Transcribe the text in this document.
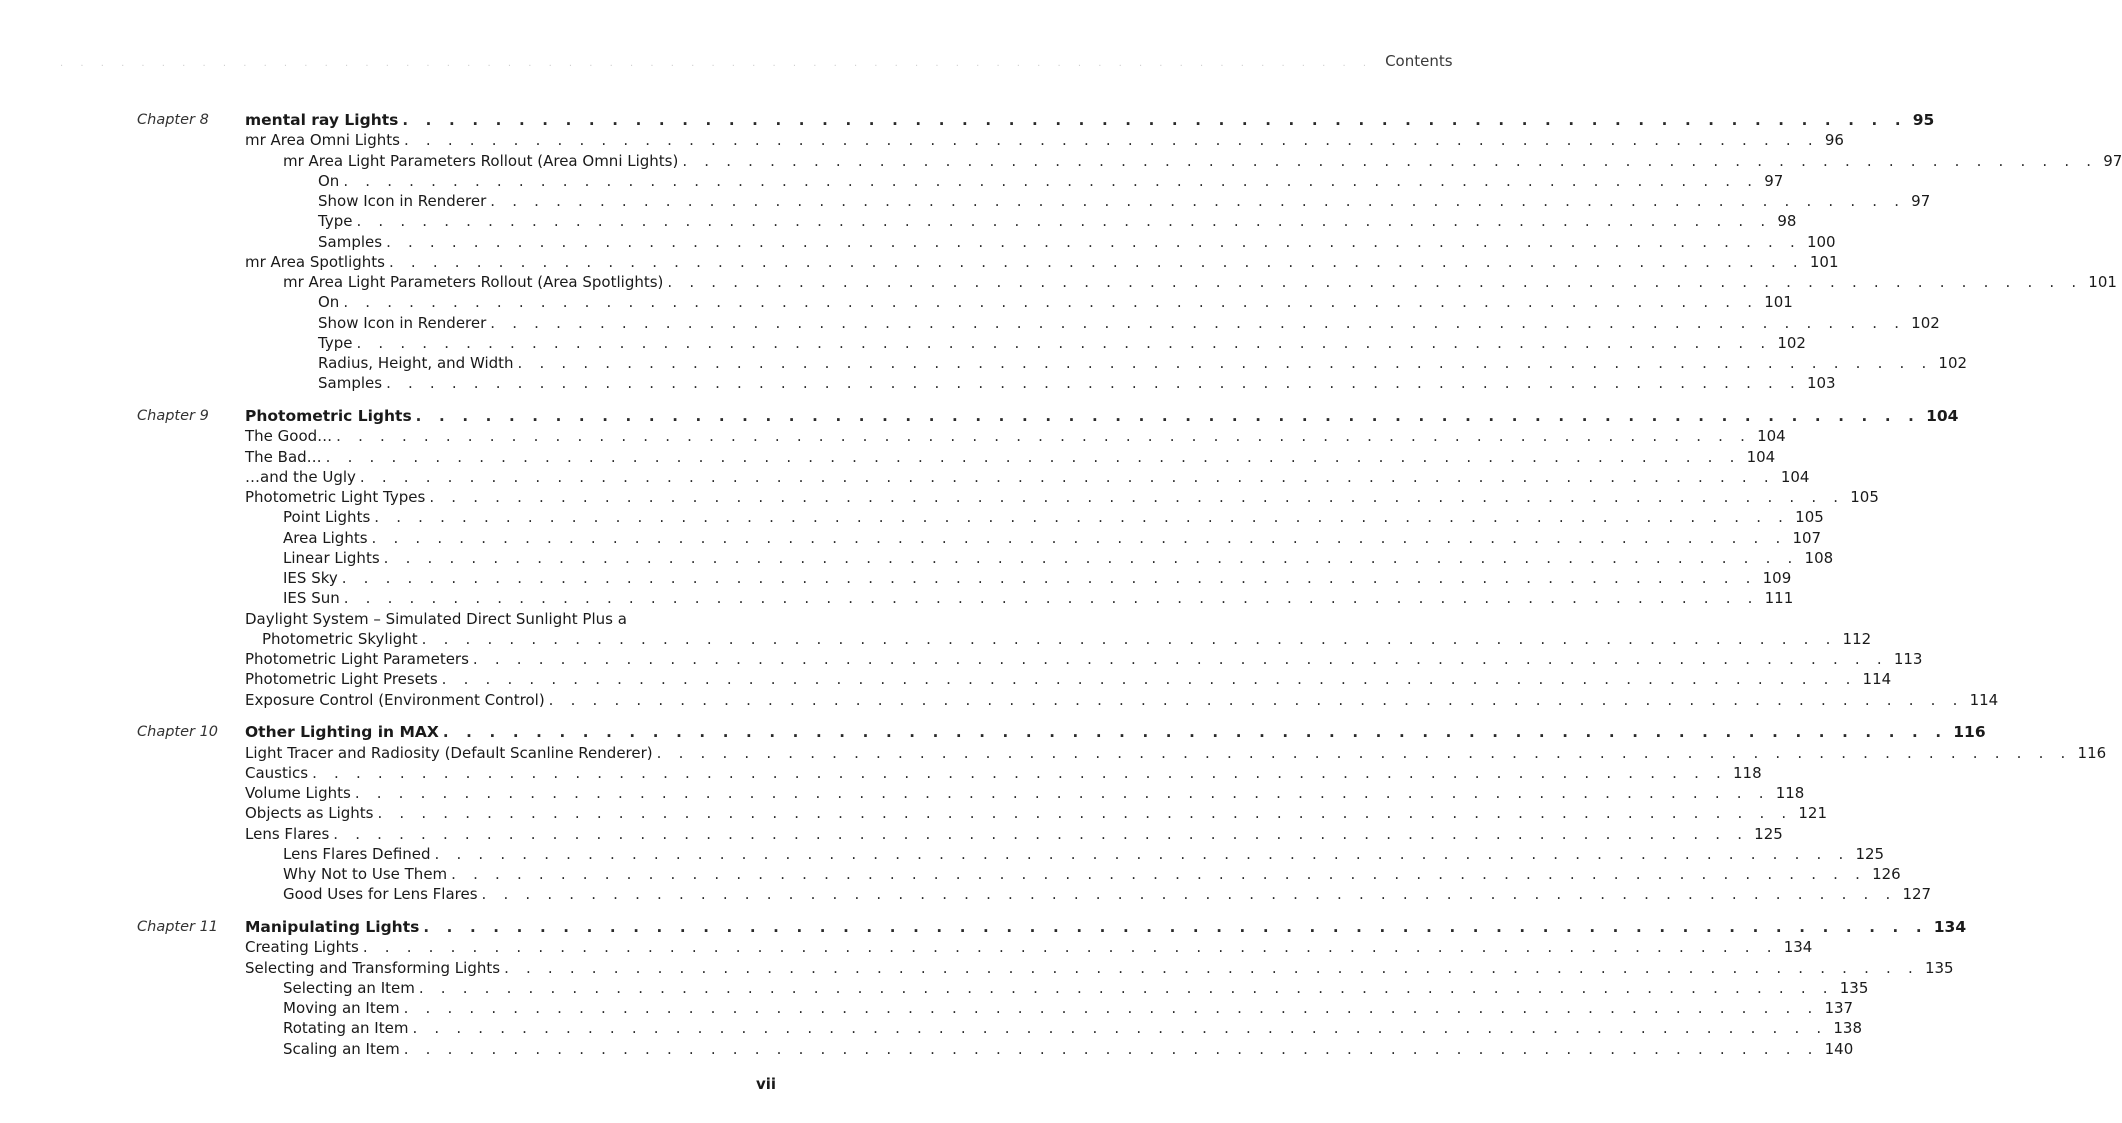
. . . . . . . . . . . . . . . . . . . . . . . . . . . . . . . . . . . . . . . . . . . . . . . . . . . . . . . . . . . . . . . . . Contents
Chapter 8 mental ray Lights . . . . . . . . . . . . . . . . . . . . . . . . . . . . . . . . . . . . . . . . . . . . . . . . . . . . . . . . . . . . . . . . . 95
mr Area Omni Lights . . . . . . . . . . . . . . . . . . . . . . . . . . . . . . . . . . . . . . . . . . . . . . . . . . . . . . . . . . . . . . . . . 96
mr Area Light Parameters Rollout (Area Omni Lights) . . . . . . . . . . . . . . . . . . . . . . . . . . . . . . . . . . . . . . . . . . . . . . . . . . . . . . . . . . . . . . . . . 97
On . . . . . . . . . . . . . . . . . . . . . . . . . . . . . . . . . . . . . . . . . . . . . . . . . . . . . . . . . . . . . . . . . 97
Show Icon in Renderer . . . . . . . . . . . . . . . . . . . . . . . . . . . . . . . . . . . . . . . . . . . . . . . . . . . . . . . . . . . . . . . . . 97
Type . . . . . . . . . . . . . . . . . . . . . . . . . . . . . . . . . . . . . . . . . . . . . . . . . . . . . . . . . . . . . . . . . 98
Samples . . . . . . . . . . . . . . . . . . . . . . . . . . . . . . . . . . . . . . . . . . . . . . . . . . . . . . . . . . . . . . . . . 100
mr Area Spotlights . . . . . . . . . . . . . . . . . . . . . . . . . . . . . . . . . . . . . . . . . . . . . . . . . . . . . . . . . . . . . . . . . 101
mr Area Light Parameters Rollout (Area Spotlights) . . . . . . . . . . . . . . . . . . . . . . . . . . . . . . . . . . . . . . . . . . . . . . . . . . . . . . . . . . . . . . . . . 101
On . . . . . . . . . . . . . . . . . . . . . . . . . . . . . . . . . . . . . . . . . . . . . . . . . . . . . . . . . . . . . . . . . 101
Show Icon in Renderer . . . . . . . . . . . . . . . . . . . . . . . . . . . . . . . . . . . . . . . . . . . . . . . . . . . . . . . . . . . . . . . . . 102
Type . . . . . . . . . . . . . . . . . . . . . . . . . . . . . . . . . . . . . . . . . . . . . . . . . . . . . . . . . . . . . . . . . 102
Radius, Height, and Width . . . . . . . . . . . . . . . . . . . . . . . . . . . . . . . . . . . . . . . . . . . . . . . . . . . . . . . . . . . . . . . . . 102
Samples . . . . . . . . . . . . . . . . . . . . . . . . . . . . . . . . . . . . . . . . . . . . . . . . . . . . . . . . . . . . . . . . . 103
Chapter 9 Photometric Lights . . . . . . . . . . . . . . . . . . . . . . . . . . . . . . . . . . . . . . . . . . . . . . . . . . . . . . . . . . . . . . . . . 104
The Good… . . . . . . . . . . . . . . . . . . . . . . . . . . . . . . . . . . . . . . . . . . . . . . . . . . . . . . . . . . . . . . . . . 104
The Bad… . . . . . . . . . . . . . . . . . . . . . . . . . . . . . . . . . . . . . . . . . . . . . . . . . . . . . . . . . . . . . . . . . 104
…and the Ugly . . . . . . . . . . . . . . . . . . . . . . . . . . . . . . . . . . . . . . . . . . . . . . . . . . . . . . . . . . . . . . . . . 104
Photometric Light Types . . . . . . . . . . . . . . . . . . . . . . . . . . . . . . . . . . . . . . . . . . . . . . . . . . . . . . . . . . . . . . . . . 105
Point Lights . . . . . . . . . . . . . . . . . . . . . . . . . . . . . . . . . . . . . . . . . . . . . . . . . . . . . . . . . . . . . . . . . 105
Area Lights . . . . . . . . . . . . . . . . . . . . . . . . . . . . . . . . . . . . . . . . . . . . . . . . . . . . . . . . . . . . . . . . . 107
Linear Lights . . . . . . . . . . . . . . . . . . . . . . . . . . . . . . . . . . . . . . . . . . . . . . . . . . . . . . . . . . . . . . . . . 108
IES Sky . . . . . . . . . . . . . . . . . . . . . . . . . . . . . . . . . . . . . . . . . . . . . . . . . . . . . . . . . . . . . . . . . 109
IES Sun . . . . . . . . . . . . . . . . . . . . . . . . . . . . . . . . . . . . . . . . . . . . . . . . . . . . . . . . . . . . . . . . . 111
Daylight System – Simulated Direct Sunlight Plus a
Photometric Skylight . . . . . . . . . . . . . . . . . . . . . . . . . . . . . . . . . . . . . . . . . . . . . . . . . . . . . . . . . . . . . . . . . 112
Photometric Light Parameters . . . . . . . . . . . . . . . . . . . . . . . . . . . . . . . . . . . . . . . . . . . . . . . . . . . . . . . . . . . . . . . . . 113
Photometric Light Presets . . . . . . . . . . . . . . . . . . . . . . . . . . . . . . . . . . . . . . . . . . . . . . . . . . . . . . . . . . . . . . . . . 114
Exposure Control (Environment Control) . . . . . . . . . . . . . . . . . . . . . . . . . . . . . . . . . . . . . . . . . . . . . . . . . . . . . . . . . . . . . . . . . 114
Chapter 10 Other Lighting in MAX . . . . . . . . . . . . . . . . . . . . . . . . . . . . . . . . . . . . . . . . . . . . . . . . . . . . . . . . . . . . . . . . . 116
Light Tracer and Radiosity (Default Scanline Renderer) . . . . . . . . . . . . . . . . . . . . . . . . . . . . . . . . . . . . . . . . . . . . . . . . . . . . . . . . . . . . . . . . . 116
Caustics . . . . . . . . . . . . . . . . . . . . . . . . . . . . . . . . . . . . . . . . . . . . . . . . . . . . . . . . . . . . . . . . . 118
Volume Lights . . . . . . . . . . . . . . . . . . . . . . . . . . . . . . . . . . . . . . . . . . . . . . . . . . . . . . . . . . . . . . . . . 118
Objects as Lights . . . . . . . . . . . . . . . . . . . . . . . . . . . . . . . . . . . . . . . . . . . . . . . . . . . . . . . . . . . . . . . . . 121
Lens Flares . . . . . . . . . . . . . . . . . . . . . . . . . . . . . . . . . . . . . . . . . . . . . . . . . . . . . . . . . . . . . . . . . 125
Lens Flares Defined . . . . . . . . . . . . . . . . . . . . . . . . . . . . . . . . . . . . . . . . . . . . . . . . . . . . . . . . . . . . . . . . . 125
Why Not to Use Them . . . . . . . . . . . . . . . . . . . . . . . . . . . . . . . . . . . . . . . . . . . . . . . . . . . . . . . . . . . . . . . . . 126
Good Uses for Lens Flares . . . . . . . . . . . . . . . . . . . . . . . . . . . . . . . . . . . . . . . . . . . . . . . . . . . . . . . . . . . . . . . . . 127
Chapter 11 Manipulating Lights . . . . . . . . . . . . . . . . . . . . . . . . . . . . . . . . . . . . . . . . . . . . . . . . . . . . . . . . . . . . . . . . . 134
Creating Lights . . . . . . . . . . . . . . . . . . . . . . . . . . . . . . . . . . . . . . . . . . . . . . . . . . . . . . . . . . . . . . . . . 134
Selecting and Transforming Lights . . . . . . . . . . . . . . . . . . . . . . . . . . . . . . . . . . . . . . . . . . . . . . . . . . . . . . . . . . . . . . . . . 135
Selecting an Item . . . . . . . . . . . . . . . . . . . . . . . . . . . . . . . . . . . . . . . . . . . . . . . . . . . . . . . . . . . . . . . . . 135
Moving an Item . . . . . . . . . . . . . . . . . . . . . . . . . . . . . . . . . . . . . . . . . . . . . . . . . . . . . . . . . . . . . . . . . 137
Rotating an Item . . . . . . . . . . . . . . . . . . . . . . . . . . . . . . . . . . . . . . . . . . . . . . . . . . . . . . . . . . . . . . . . . 138
Scaling an Item . . . . . . . . . . . . . . . . . . . . . . . . . . . . . . . . . . . . . . . . . . . . . . . . . . . . . . . . . . . . . . . . . 140
vii
